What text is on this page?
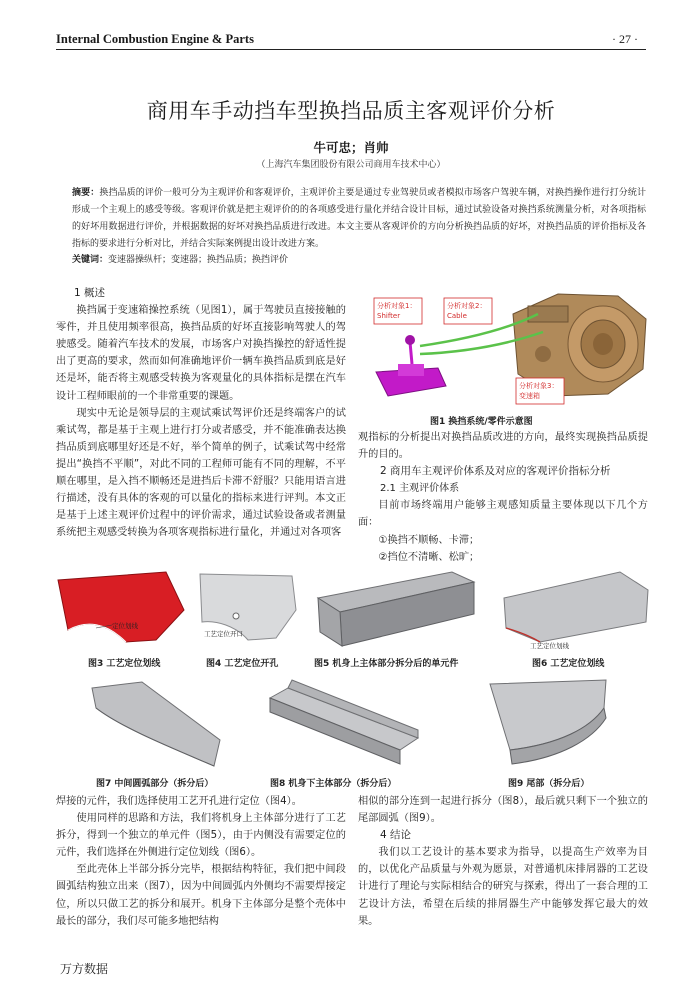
Internal Combustion Engine & Parts	· 27 ·
商用车手动挡车型换挡品质主客观评价分析
牛可忠；肖帅
（上海汽车集团股份有限公司商用车技术中心）
摘要：换挡品质的评价一般可分为主观评价和客观评价，主观评价主要是通过专业驾驶员或者模拟市场客户驾驶车辆，对换挡操作进行打分统计形成一个主观上的感受等级。客观评价就是把主观评价的的各项感受进行量化并结合设计目标，通过试验设备对换挡系统测量分析，对各项指标的好坏用数据进行评价，并根据数据的好坏对换挡品质进行改进。本文主要从客观评价的方向分析换挡品质的好坏，对换挡品质的评价指标及各指标的要求进行分析对比，并结合实际案例提出设计改进方案。
关键词：变速器操纵杆；变速器；换挡品质；换挡评价
1 概述

换挡属于变速箱操控系统（见图1），属于驾驶员直接接触的零件，并且使用频率很高，换挡品质的好坏直接影响驾驶人的驾驶感受。随着汽车技术的发展，市场客户对换挡操控的舒适性提出了更高的要求，然而如何准确地评价一辆车换挡品质到底是好还是坏，能否将主观感受转换为客观量化的具体指标是摆在汽车设计工程师眼前的一个非常重要的课题。

现实中无论是领导层的主观试乘试驾评价还是终端客户的试乘试驾，都是基于主观上进行打分或者感受，并不能准确表达换挡品质到底哪里好还是不好，举个简单的例子，试乘试驾中经常提出“换挡不平顺”，对此不同的工程师可能有不同的理解，不平顺在哪里，是入挡不顺畅还是进挡后卡滞不舒服？只能用语言进行描述，没有具体的客观的可以量化的指标来进行评判。本文正是基于上述主观评价过程中的评价需求，通过试验设备或者测量系统把主观感受转换为各项客观指标进行量化，并通过对各项客

分析对象1：
Shifter
分析对象2：
Cable
分析对象3：
变速箱
图1 换挡系统/零件示意图
观指标的分析提出对换挡品质改进的方向，最终实现换挡品质提升的目的。
2 商用车主观评价体系及对应的客观评价指标分析
2.1 主观评价体系

目前市场终端用户能够主观感知质量主要体现以下几个方面：

①换挡不顺畅、卡滞；

②挡位不清晰、松旷；

定位划线
工艺定位开口
工艺定位划线
图3 工艺定位划线	图4 工艺定位开孔	图5 机身上主体部分拆分后的单元件	图6 工艺定位划线
图7 中间圆弧部分（拆分后）	图8 机身下主体部分（拆分后）	图9 尾部（拆分后）
焊接的元件，我们选择使用工艺开孔进行定位（图4）。

使用同样的思路和方法，我们将机身上主体部分进行了工艺拆分，得到一个独立的单元件（图5），由于内侧没有需要定位的元件，我们选择在外侧进行定位划线（图6）。

至此壳体上半部分拆分完毕，根据结构特征，我们把中间段圆弧结构独立出来（图7），因为中间圆弧内外侧均不需要焊接定位，所以只做工艺的拆分和展开。机身下主体部分是整个壳体中最长的部分，我们尽可能多地把结构

相似的部分连到一起进行拆分（图8），最后就只剩下一个独立的尾部圆弧（图9）。
4 结论

我们以工艺设计的基本要求为指导，以提高生产效率为目的，以优化产品质量与外观为愿景，对普通机床排屑器的工艺设计进行了理论与实际相结合的研究与探索，得出了一套合理的工艺设计方法，希望在后续的排屑器生产中能够发挥它最大的效果。

万方数据
